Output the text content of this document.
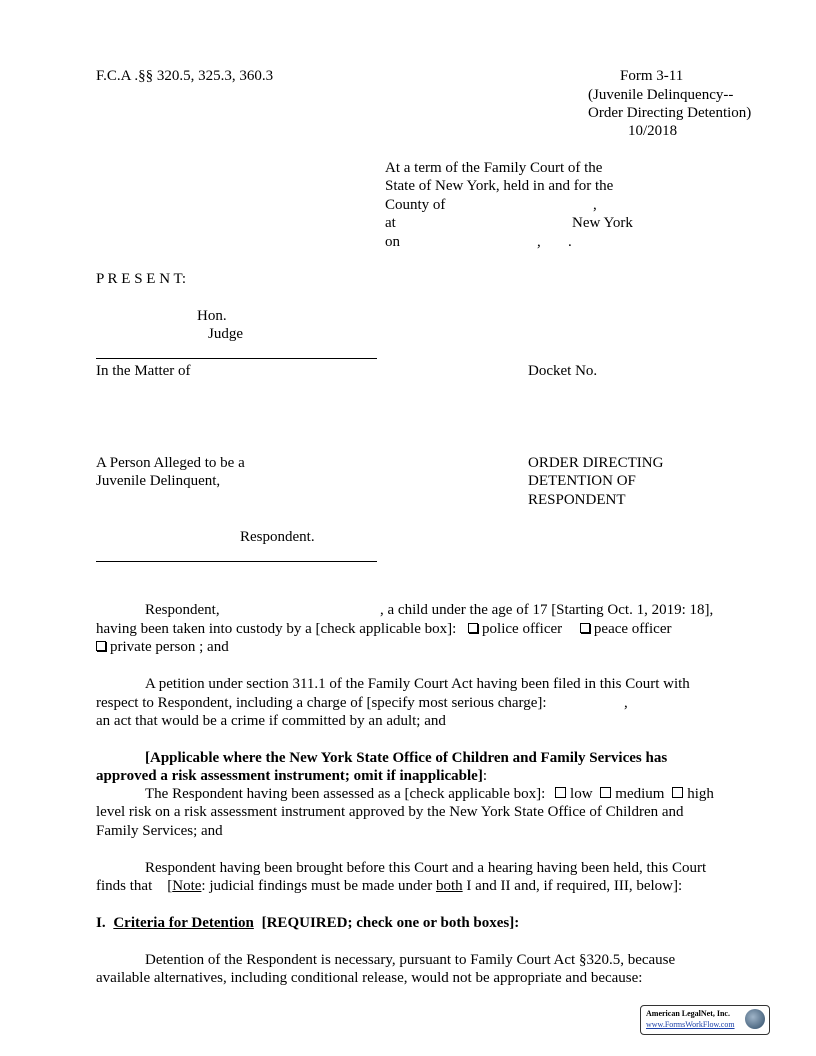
F.C.A .§§ 320.5, 325.3, 360.3	Form 3-11
(Juvenile Delinquency--
Order Directing Detention)
10/2018
At a term of the Family Court of the
State of New York, held in and for the
County of	,
at	New York
on	, .
P R E S E N T:
Hon.
Judge
In the Matter of	Docket No.
A Person Alleged to be a
Juvenile Delinquent,
ORDER DIRECTING
DETENTION OF
RESPONDENT
Respondent.
Respondent,	, a child under the age of 17 [Starting Oct. 1, 2019: 18],
having been taken into custody by a [check applicable box]: police officer peace officer
private person ; and
A petition under section 311.1 of the Family Court Act having been filed in this Court with
respect to Respondent, including a charge of [specify most serious charge]:	,
an act that would be a crime if committed by an adult; and
[Applicable where the New York State Office of Children and Family Services has
approved a risk assessment instrument; omit if inapplicable]:
The Respondent having been assessed as a [check applicable box]: low medium high
level risk on a risk assessment instrument approved by the New York State Office of Children and
Family Services; and
Respondent having been brought before this Court and a hearing having been held, this Court
finds that    [Note: judicial findings must be made under both I and II and, if required, III, below]:
I. Criteria for Detention [REQUIRED; check one or both boxes]:
Detention of the Respondent is necessary, pursuant to Family Court Act §320.5, because
available alternatives, including conditional release, would not be appropriate and because:
American LegalNet, Inc.
www.FormsWorkFlow.com
